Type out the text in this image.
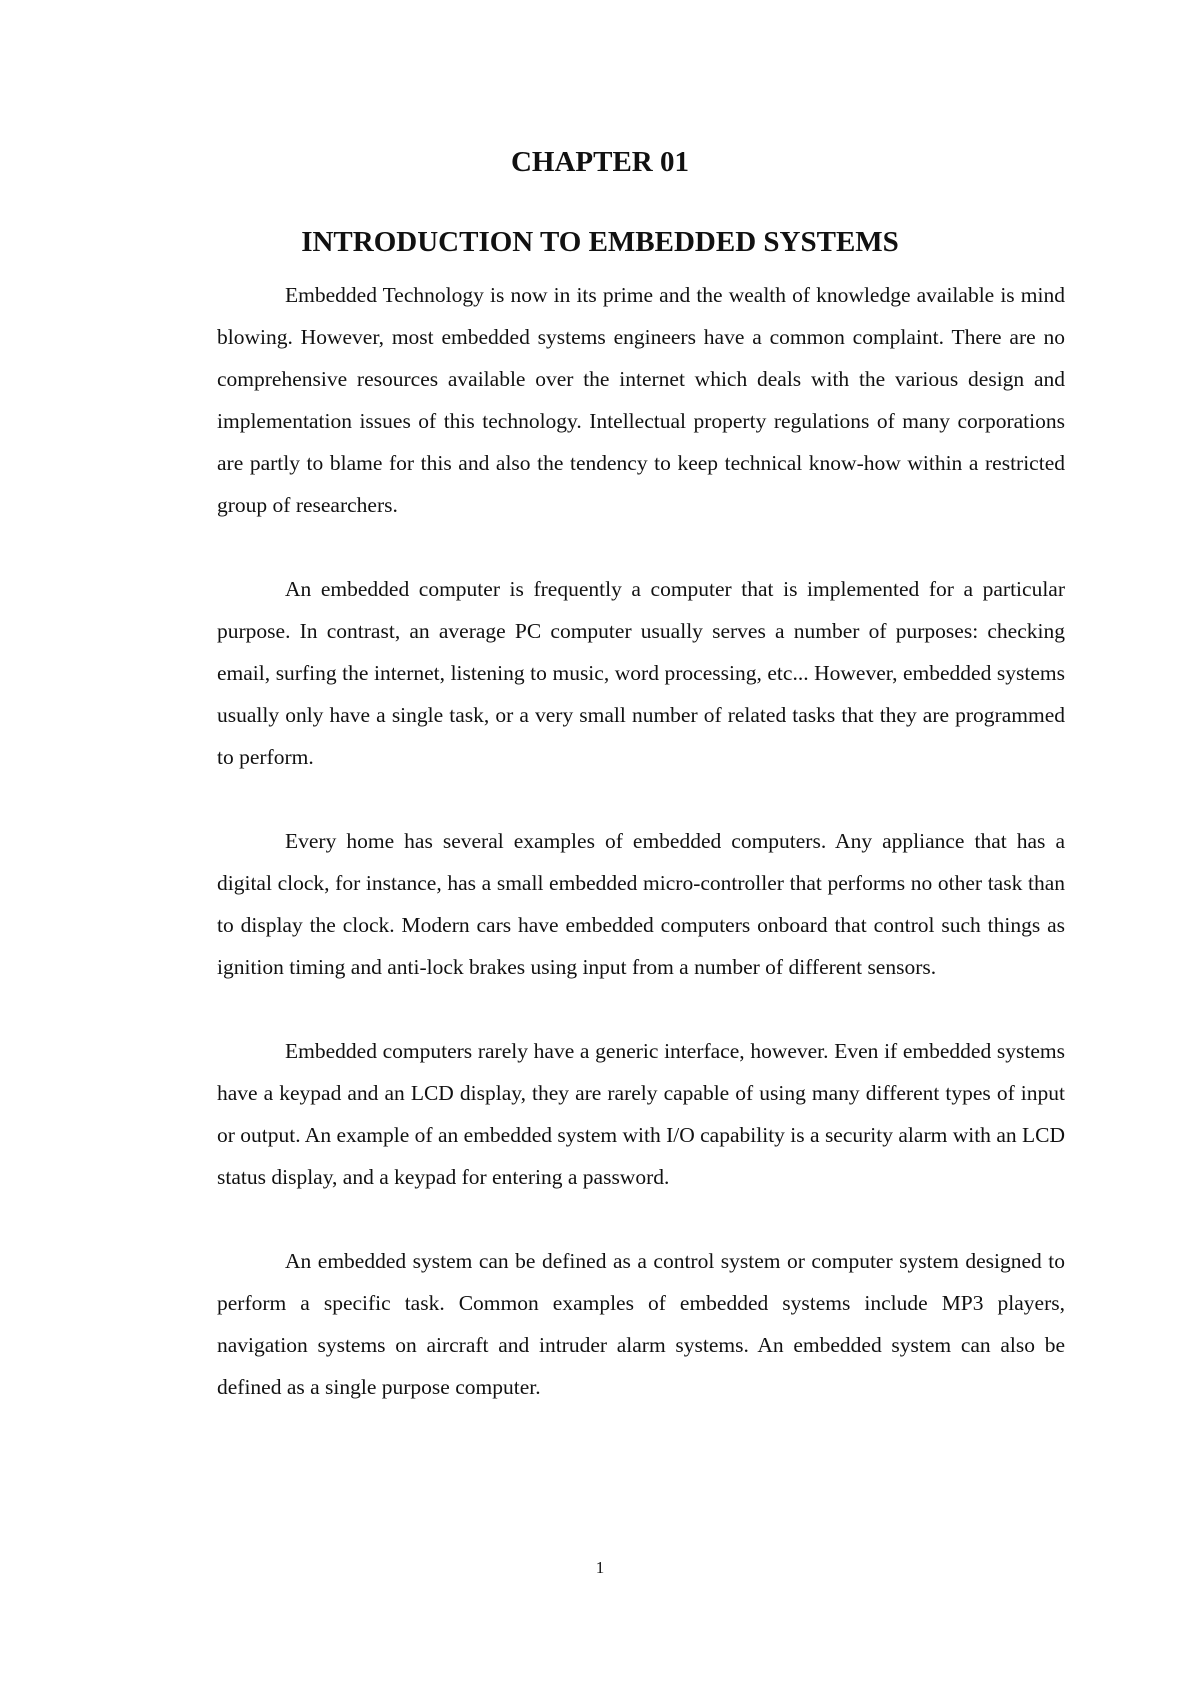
CHAPTER 01
INTRODUCTION TO EMBEDDED SYSTEMS

Embedded Technology is now in its prime and the wealth of knowledge available is mind blowing. However, most embedded systems engineers have a common complaint. There are no comprehensive resources available over the internet which deals with the various design and implementation issues of this technology. Intellectual property regulations of many corporations are partly to blame for this and also the tendency to keep technical know-how within a restricted group of researchers.

An embedded computer is frequently a computer that is implemented for a particular purpose. In contrast, an average PC computer usually serves a number of purposes: checking email, surfing the internet, listening to music, word processing, etc... However, embedded systems usually only have a single task, or a very small number of related tasks that they are programmed to perform.

Every home has several examples of embedded computers. Any appliance that has a digital clock, for instance, has a small embedded micro-controller that performs no other task than to display the clock. Modern cars have embedded computers onboard that control such things as ignition timing and anti-lock brakes using input from a number of different sensors.

Embedded computers rarely have a generic interface, however. Even if embedded systems have a keypad and an LCD display, they are rarely capable of using many different types of input or output. An example of an embedded system with I/O capability is a security alarm with an LCD status display, and a keypad for entering a password.

An embedded system can be defined as a control system or computer system designed to perform a specific task. Common examples of embedded systems include MP3 players, navigation systems on aircraft and intruder alarm systems. An embedded system can also be defined as a single purpose computer.

1
